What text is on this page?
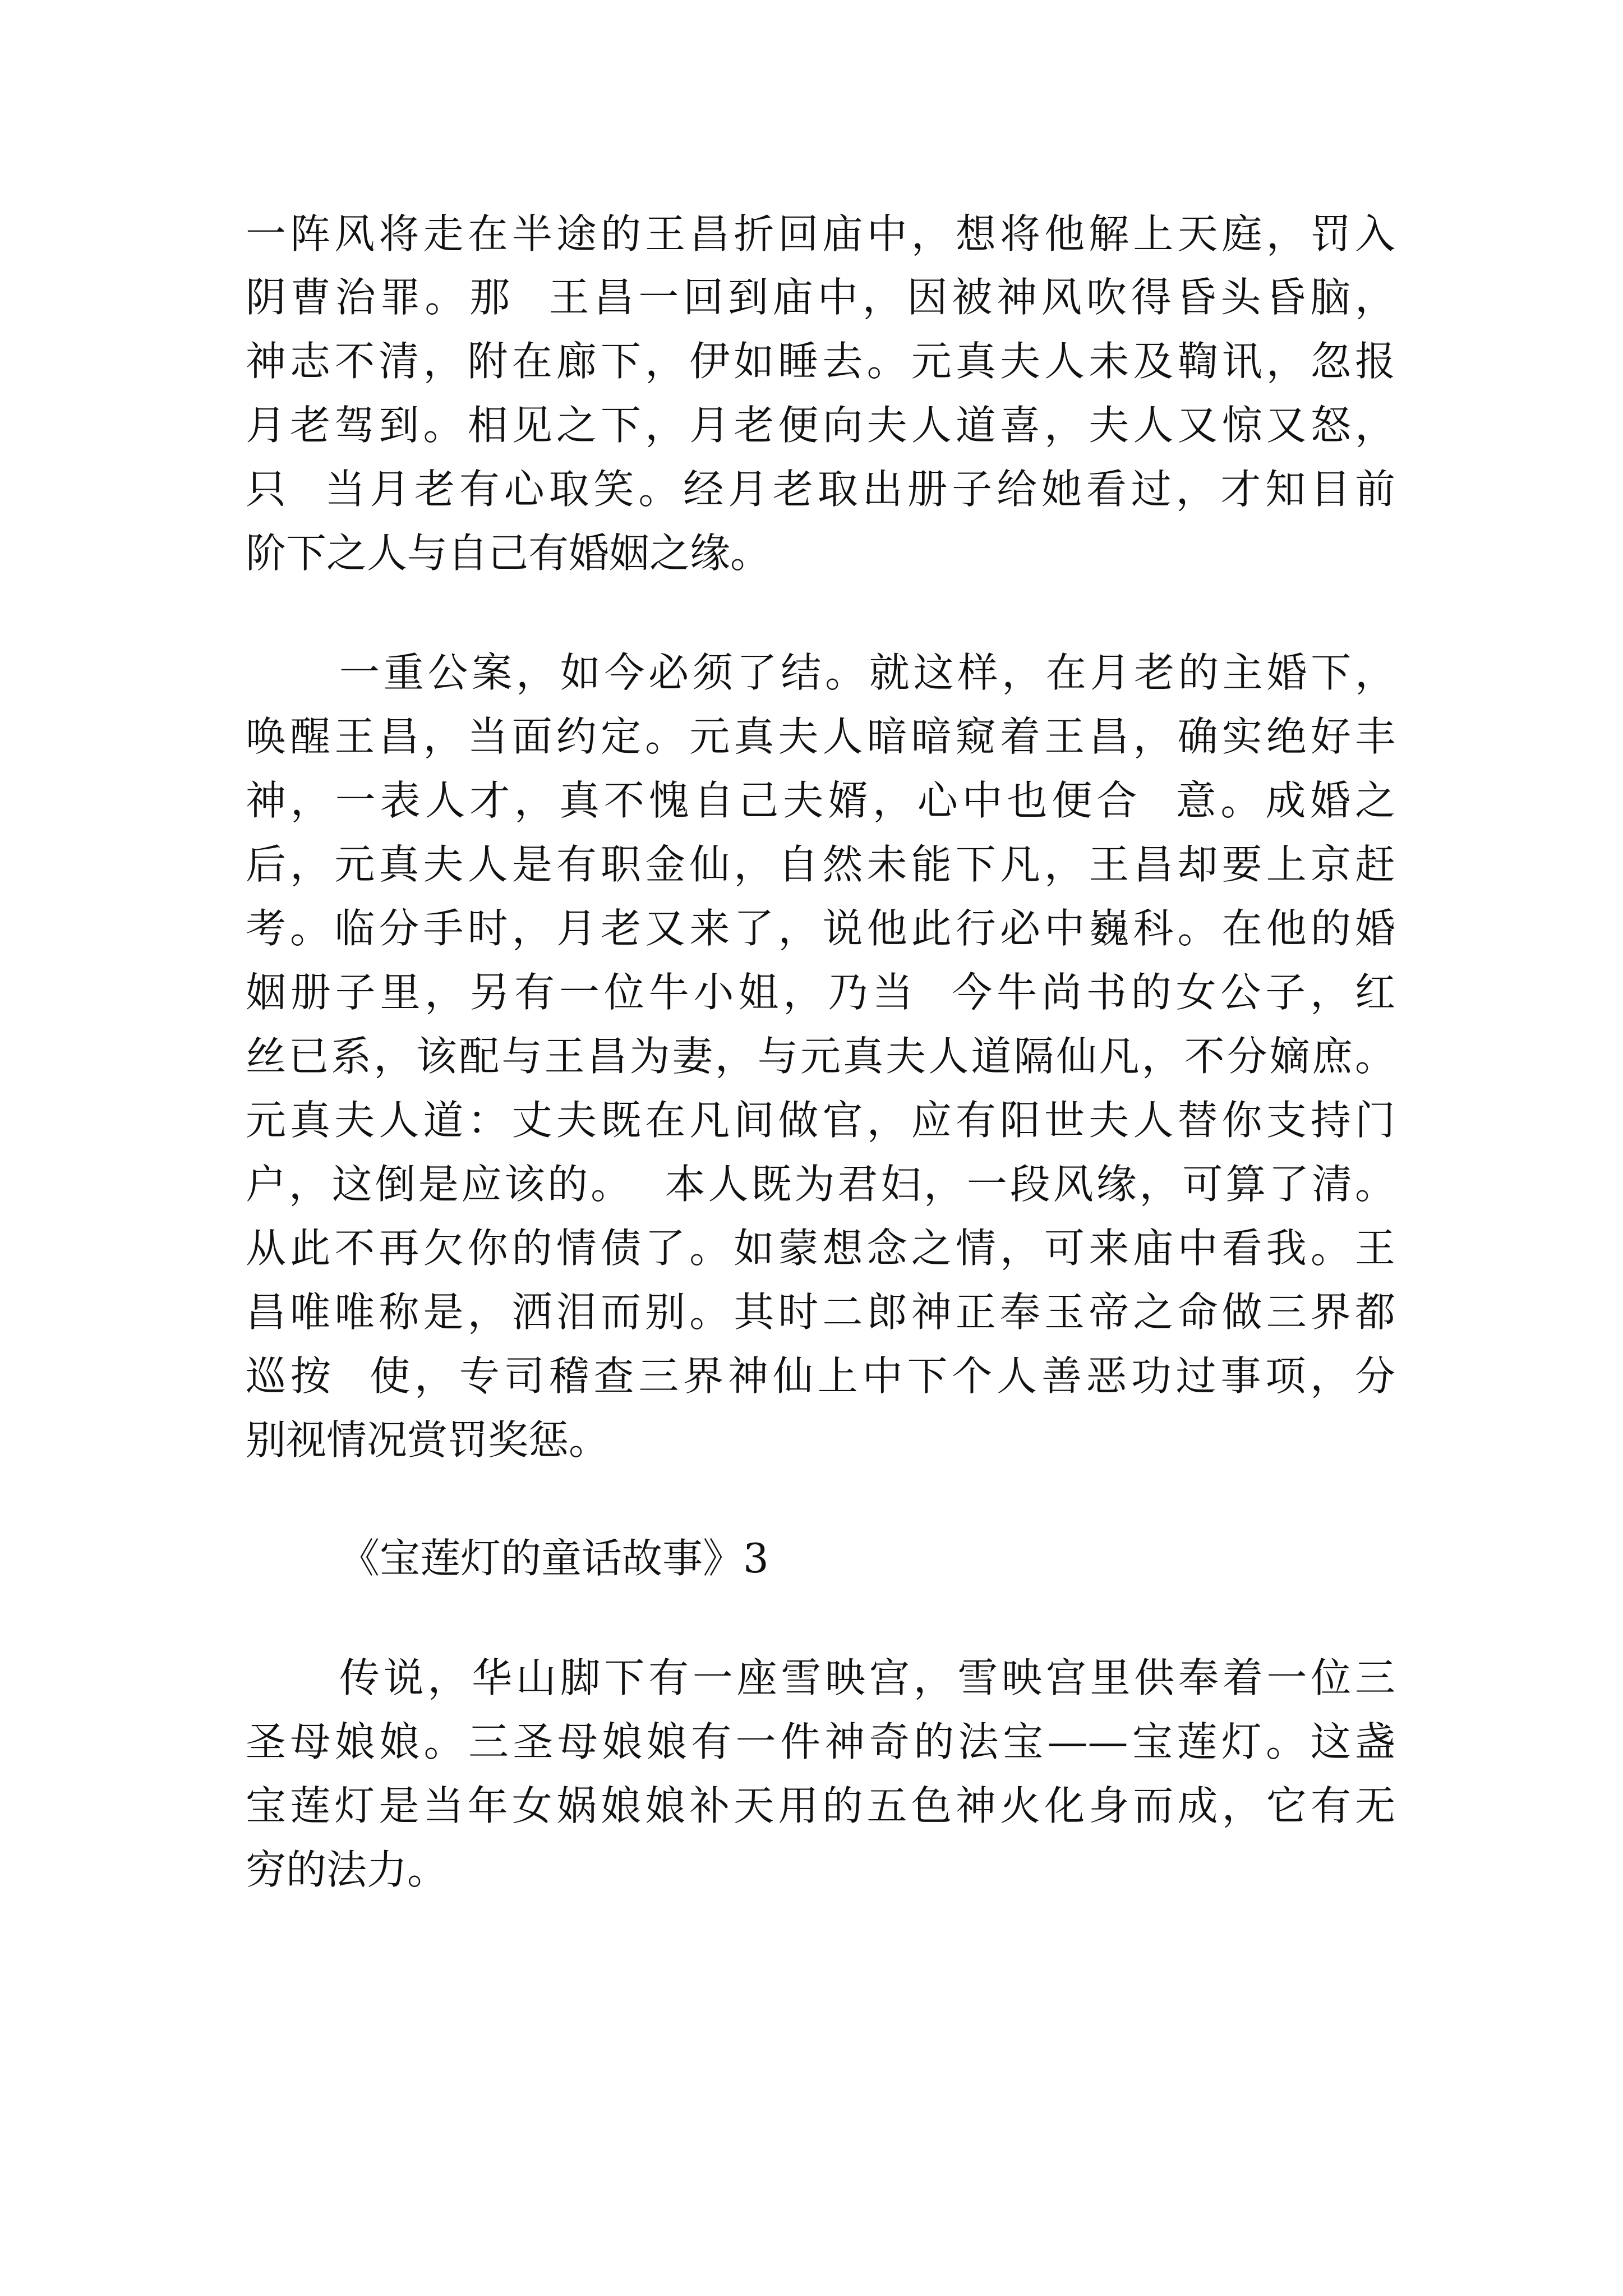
一阵风将走在半途的王昌折回庙中，想将他解上天庭，罚入
阴曹治罪。那  王昌一回到庙中，因被神风吹得昏头昏脑，
神志不清，附在廊下，伊如睡去。元真夫人未及鞫讯，忽报
月老驾到。相见之下，月老便向夫人道喜，夫人又惊又怒，
只  当月老有心取笑。经月老取出册子给她看过，才知目前
阶下之人与自己有婚姻之缘。
一重公案，如今必须了结。就这样，在月老的主婚下，
唤醒王昌，当面约定。元真夫人暗暗窥着王昌，确实绝好丰
神，一表人才，真不愧自己夫婿，心中也便合  意。成婚之
后，元真夫人是有职金仙，自然未能下凡，王昌却要上京赶
考。临分手时，月老又来了，说他此行必中巍科。在他的婚
姻册子里，另有一位牛小姐，乃当  今牛尚书的女公子，红
丝已系，该配与王昌为妻，与元真夫人道隔仙凡，不分嫡庶。
元真夫人道：丈夫既在凡间做官，应有阳世夫人替你支持门
户，这倒是应该的。  本人既为君妇，一段风缘，可算了清。
从此不再欠你的情债了。如蒙想念之情，可来庙中看我。王
昌唯唯称是，洒泪而别。其时二郎神正奉玉帝之命做三界都
巡按  使，专司稽查三界神仙上中下个人善恶功过事项，分
别视情况赏罚奖惩。
《宝莲灯的童话故事》3
传说，华山脚下有一座雪映宫，雪映宫里供奉着一位三
圣母娘娘。三圣母娘娘有一件神奇的法宝——宝莲灯。这盏
宝莲灯是当年女娲娘娘补天用的五色神火化身而成，它有无
穷的法力。
